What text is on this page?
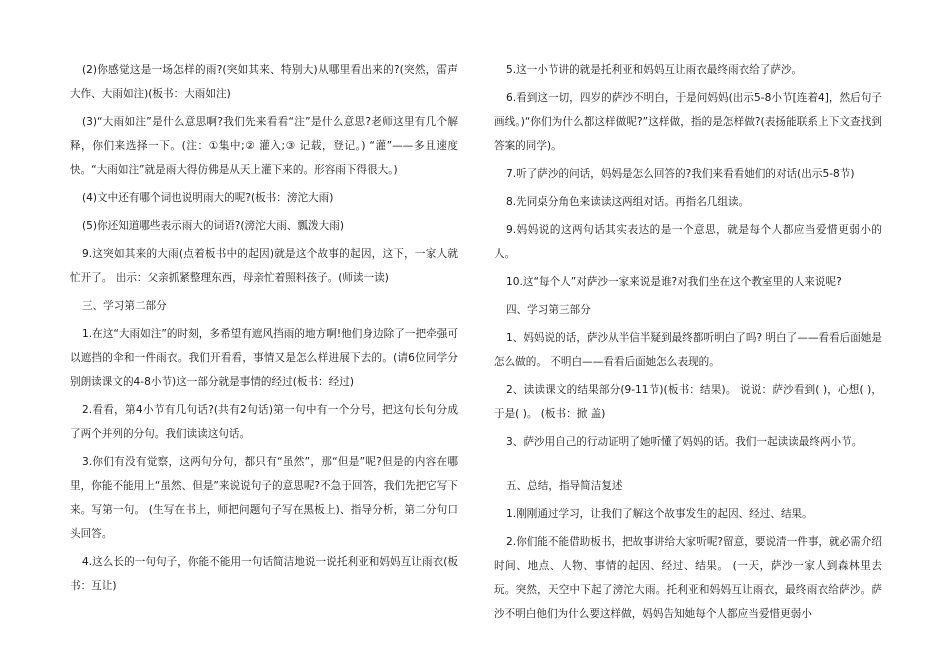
(2)你感觉这是一场怎样的雨?(突如其来、特别大)从哪里看出来的?(突然，雷声大作、大雨如注)(板书：大雨如注)

(3)“大雨如注”是什么意思啊?我们先来看看“注”是什么意思?老师这里有几个解释，你们来选择一下。(注：①集中;② 灌入;③ 记载，登记。) “灌”——多且速度快。“大雨如注”就是雨大得仿佛是从天上灌下来的。形容雨下得很大。)

(4)文中还有哪个词也说明雨大的呢?(板书：滂沱大雨)

(5)你还知道哪些表示雨大的词语?(滂沱大雨、瓢泼大雨)

9.这突如其来的大雨(点着板书中的起因)就是这个故事的起因，这下，一家人就忙开了。 出示：父亲抓紧整理东西，母亲忙着照料孩子。(师读一读)

三、学习第二部分

1.在这“大雨如注”的时刻，多希望有遮风挡雨的地方啊!他们身边除了一把牵强可以遮挡的伞和一件雨衣。我们开看看，事情又是怎么样进展下去的。(请6位同学分别朗读课文的4-8小节)这一部分就是事情的经过(板书：经过)

2.看看，第4小节有几句话?(共有2句话)第一句中有一个分号，把这句长句分成了两个并列的分句。我们读读这句话。

3.你们有没有觉察，这两句分句，都只有“虽然”，那“但是”呢?但是的内容在哪里，你能不能用上“虽然、但是”来说说句子的意思呢?不急于回答，我们先把它写下来。写第一句。 (生写在书上，师把问题句子写在黑板上)、指导分析，第二分句口头回答。

4.这么长的一句句子，你能不能用一句话简洁地说一说托利亚和妈妈互让雨衣(板书：互让)

5.这一小节讲的就是托利亚和妈妈互让雨衣最终雨衣给了萨沙。

6.看到这一切，四岁的萨沙不明白，于是问妈妈(出示5-8小节[连着4]，然后句子画线。)“你们为什么都这样做呢?”这样做，指的是怎样做?(表扬能联系上下文查找到答案的同学)。

7.听了萨沙的问话，妈妈是怎么回答的?我们来看看她们的对话(出示5-8节)

8.先同桌分角色来读读这两组对话。再指名几组读。

9.妈妈说的这两句话其实表达的是一个意思，就是每个人都应当爱惜更弱小的人。

10.这“每个人”对萨沙一家来说是谁?对我们坐在这个教室里的人来说呢?

四、学习第三部分

1、妈妈说的话，萨沙从半信半疑到最终都听明白了吗? 明白了——看看后面她是怎么做的。 不明白——看看后面她怎么表现的。

2、读读课文的结果部分(9-11节)(板书：结果)。 说说：萨沙看到( )，心想( )，于是( )。 (板书：掀 盖)

3、萨沙用自己的行动证明了她听懂了妈妈的话。我们一起读读最终两小节。

五、总结，指导简洁复述

1.刚刚通过学习，让我们了解这个故事发生的起因、经过、结果。

2.你们能不能借助板书，把故事讲给大家听呢?留意，要说清一件事，就必需介绍时间、地点、人物、事情的起因、经过、结果。 (一天，萨沙一家人到森林里去玩。突然，天空中下起了滂沱大雨。托利亚和妈妈互让雨衣，最终雨衣给萨沙。萨沙不明白他们为什么要这样做，妈妈告知她每个人都应当爱惜更弱小
